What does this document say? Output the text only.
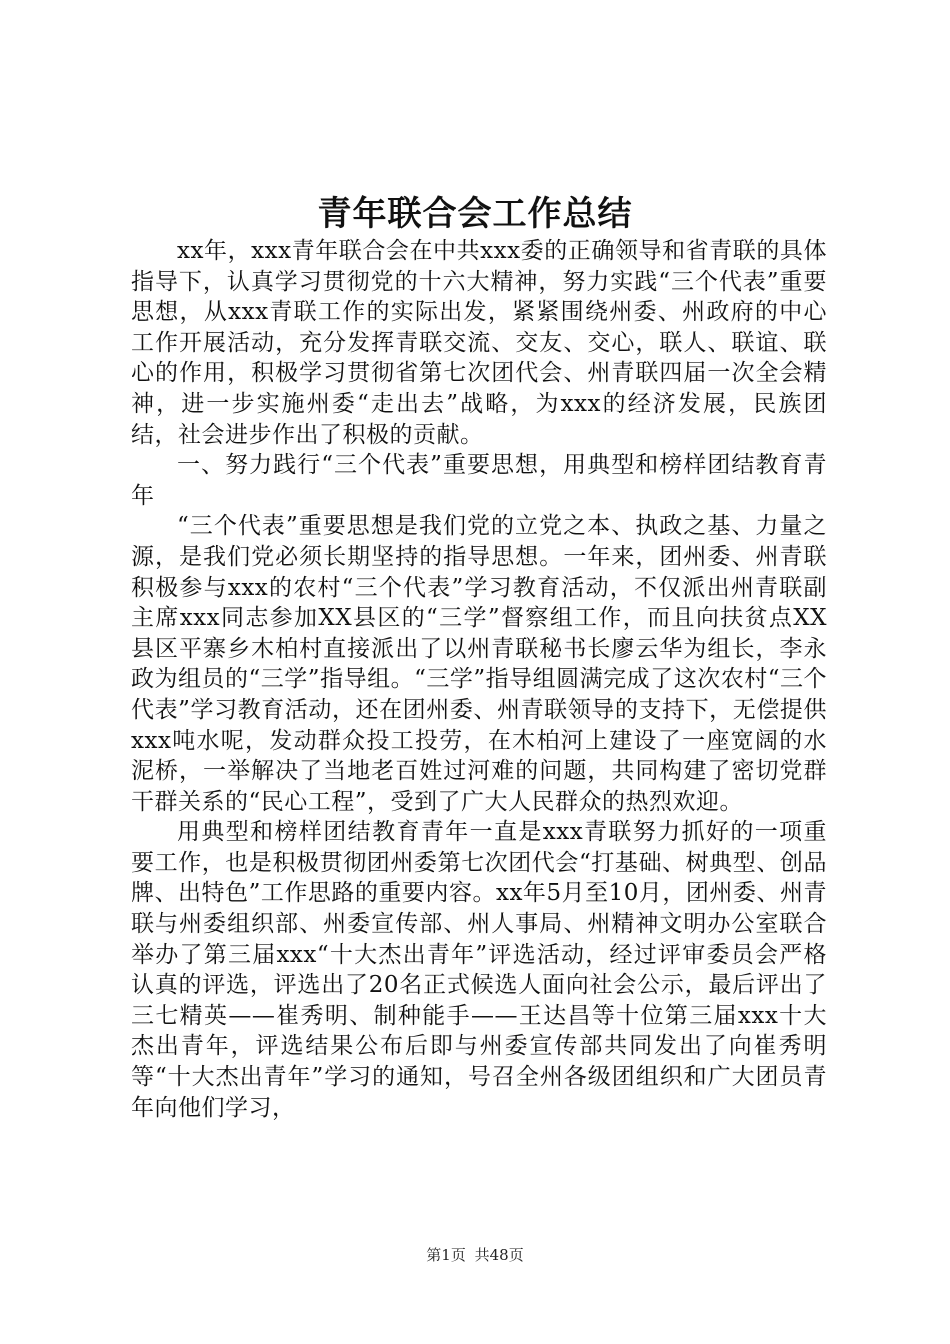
青年联合会工作总结

xx年，xxx青年联合会在中共xxx委的正确领导和省青联的具体指导下，认真学习贯彻党的十六大精神，努力实践“三个代表”重要思想，从xxx青联工作的实际出发，紧紧围绕州委、州政府的中心工作开展活动，充分发挥青联交流、交友、交心，联人、联谊、联心的作用，积极学习贯彻省第七次团代会、州青联四届一次全会精神，进一步实施州委“走出去”战略，为xxx的经济发展，民族团结，社会进步作出了积极的贡献。

一、努力践行“三个代表”重要思想，用典型和榜样团结教育青年

“三个代表”重要思想是我们党的立党之本、执政之基、力量之源，是我们党必须长期坚持的指导思想。一年来，团州委、州青联积极参与xxx的农村“三个代表”学习教育活动，不仅派出州青联副主席xxx同志参加XX县区的“三学”督察组工作，而且向扶贫点XX县区平寨乡木柏村直接派出了以州青联秘书长廖云华为组长，李永政为组员的“三学”指导组。“三学”指导组圆满完成了这次农村“三个代表”学习教育活动，还在团州委、州青联领导的支持下，无偿提供xxx吨水呢，发动群众投工投劳，在木柏河上建设了一座宽阔的水泥桥，一举解决了当地老百姓过河难的问题，共同构建了密切党群干群关系的“民心工程”，受到了广大人民群众的热烈欢迎。

用典型和榜样团结教育青年一直是xxx青联努力抓好的一项重要工作，也是积极贯彻团州委第七次团代会“打基础、树典型、创品牌、出特色”工作思路的重要内容。xx年5月至10月，团州委、州青联与州委组织部、州委宣传部、州人事局、州精神文明办公室联合举办了第三届xxx“十大杰出青年”评选活动，经过评审委员会严格认真的评选，评选出了20名正式候选人面向社会公示，最后评出了三七精英——崔秀明、制种能手——王达昌等十位第三届xxx十大杰出青年，评选结果公布后即与州委宣传部共同发出了向崔秀明等“十大杰出青年”学习的通知，号召全州各级团组织和广大团员青年向他们学习，

第1页 共48页
